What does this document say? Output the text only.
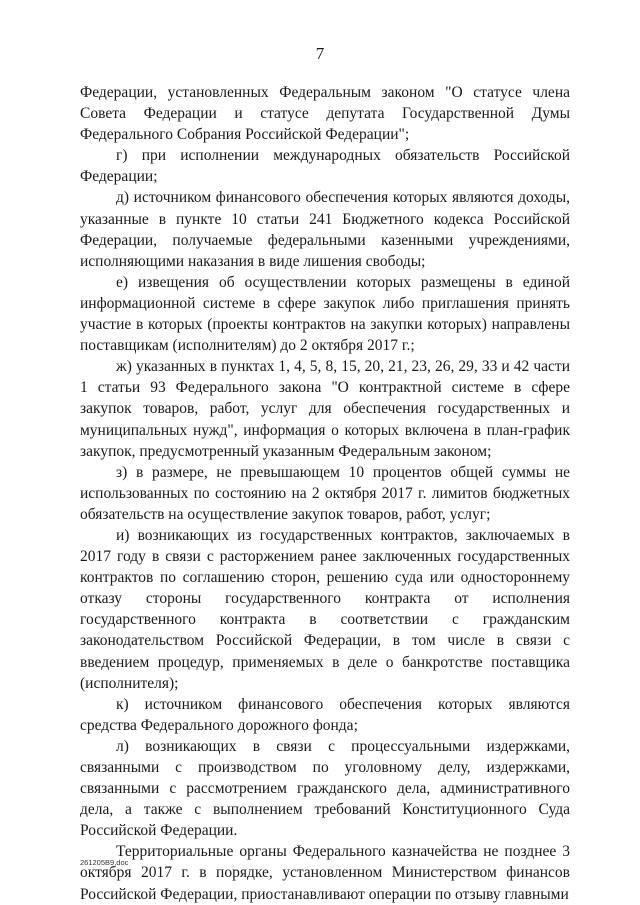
7

Федерации, установленных Федеральным законом "О статусе члена Совета Федерации и статусе депутата Государственной Думы Федерального Собрания Российской Федерации";

г) при исполнении международных обязательств Российской Федерации;

д) источником финансового обеспечения которых являются доходы, указанные в пункте 10 статьи 241 Бюджетного кодекса Российской Федерации, получаемые федеральными казенными учреждениями, исполняющими наказания в виде лишения свободы;

е) извещения об осуществлении которых размещены в единой информационной системе в сфере закупок либо приглашения принять участие в которых (проекты контрактов на закупки которых) направлены поставщикам (исполнителям) до 2 октября 2017 г.;

ж) указанных в пунктах 1, 4, 5, 8, 15, 20, 21, 23, 26, 29, 33 и 42 части 1 статьи 93 Федерального закона "О контрактной системе в сфере закупок товаров, работ, услуг для обеспечения государственных и муниципальных нужд", информация о которых включена в план-график закупок, предусмотренный указанным Федеральным законом;

з) в размере, не превышающем 10 процентов общей суммы не использованных по состоянию на 2 октября 2017 г. лимитов бюджетных обязательств на осуществление закупок товаров, работ, услуг;

и) возникающих из государственных контрактов, заключаемых в 2017 году в связи с расторжением ранее заключенных государственных контрактов по соглашению сторон, решению суда или одностороннему отказу стороны государственного контракта от исполнения государственного контракта в соответствии с гражданским законодательством Российской Федерации, в том числе в связи с введением процедур, применяемых в деле о банкротстве поставщика (исполнителя);

к) источником финансового обеспечения которых являются средства Федерального дорожного фонда;

л) возникающих в связи с процессуальными издержками, связанными с производством по уголовному делу, издержками, связанными с рассмотрением гражданского дела, административного дела, а также с выполнением требований Конституционного Суда Российской Федерации.

Территориальные органы Федерального казначейства не позднее 3 октября 2017 г. в порядке, установленном Министерством финансов Российской Федерации, приостанавливают операции по отзыву главными

261205В9.doc
